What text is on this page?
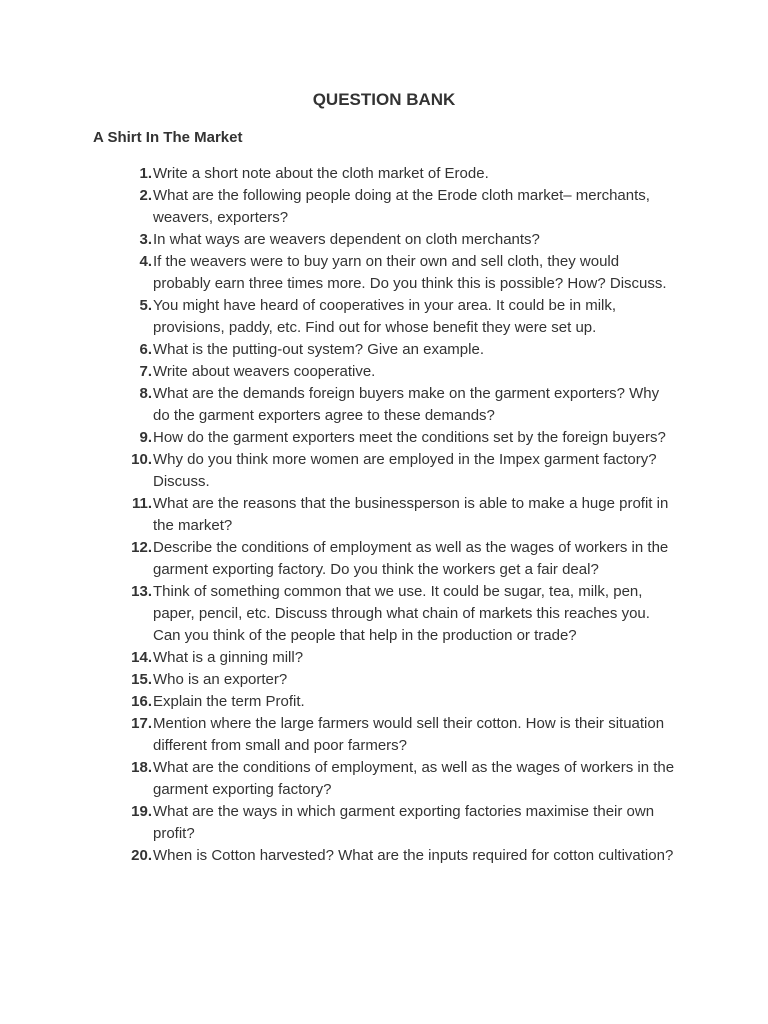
QUESTION BANK
A Shirt In The Market
1. Write a short note about the cloth market of Erode.
2. What are the following people doing at the Erode cloth market– merchants, weavers, exporters?
3. In what ways are weavers dependent on cloth merchants?
4. If the weavers were to buy yarn on their own and sell cloth, they would probably earn three times more. Do you think this is possible? How? Discuss.
5. You might have heard of cooperatives in your area. It could be in milk, provisions, paddy, etc. Find out for whose benefit they were set up.
6. What is the putting-out system? Give an example.
7. Write about weavers cooperative.
8. What are the demands foreign buyers make on the garment exporters? Why do the garment exporters agree to these demands?
9. How do the garment exporters meet the conditions set by the foreign buyers?
10. Why do you think more women are employed in the Impex garment factory? Discuss.
11. What are the reasons that the businessperson is able to make a huge profit in the market?
12. Describe the conditions of employment as well as the wages of workers in the garment exporting factory. Do you think the workers get a fair deal?
13. Think of something common that we use. It could be sugar, tea, milk, pen, paper, pencil, etc. Discuss through what chain of markets this reaches you. Can you think of the people that help in the production or trade?
14. What is a ginning mill?
15. Who is an exporter?
16. Explain the term Profit.
17. Mention where the large farmers would sell their cotton. How is their situation different from small and poor farmers?
18. What are the conditions of employment, as well as the wages of workers in the garment exporting factory?
19. What are the ways in which garment exporting factories maximise their own profit?
20. When is Cotton harvested? What are the inputs required for cotton cultivation?
